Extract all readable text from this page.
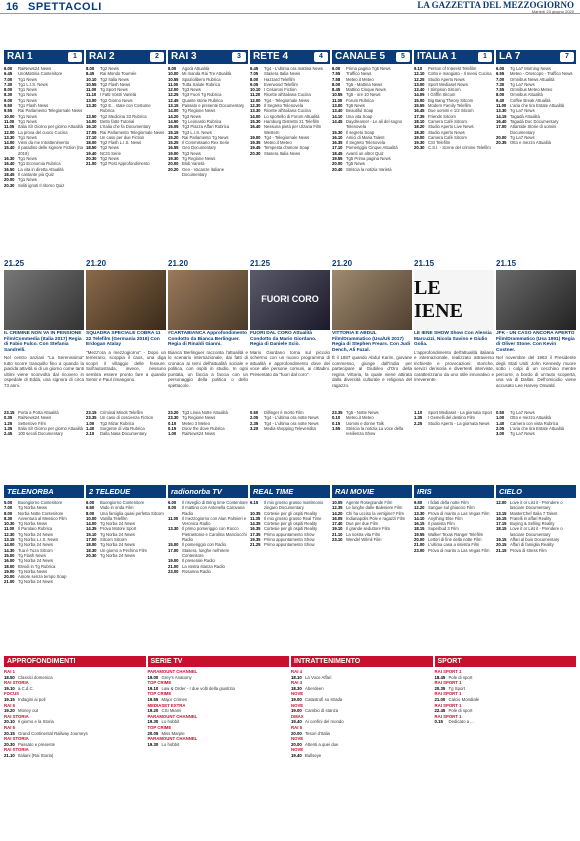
16 SPETTACOLI	LA GAZZETTA DEL MEZZOGIORNO
Martedì 23 giugno 2020
RAI 1	1	RAI 2	2	RAI 3	3	RETE 4	4	CANALE 5	5	ITALIA 1	1	LA 7	7
6.00	RaiNews24 News
6.45	UnoMattina Contenitore
7.00	Tg1 News
7.30	Tg1 L.I.S. News
8.00	Tg1 News
8.30	Tg1 News
9.00	Tg1 News
9.50	Tg1 Flash News
9.55	Rai Parlamento Telegiornale News
10.00 Tg1 News
11.00 Tg1 News
11.05 Italia Sì! Giorno per giorno Attualità
12.00 La prova del cuoco Cucina
13.30 Tg1 News
14.00 Vieni da me Intrattenimento
15.40 Il paradiso delle signore Fiction (Ita 2019)
16.30 Tg1 News
16.40 Tg1 Economia Rubrica
16.50 La vita in diretta Attualità
18.45 Il cantante più Quiz
20.00 Tg1 News
20.30 Soliti ignoti Il ritorno Quiz
8.00	Tg2 News
8.45	Rai Mondo Tournée
10.10 Tg2 Italia News
10.55 Tg2 Flash News
11.00 Tg Sport News
11.10 I Fatti Vostri Varietà
13.00 Tg2 Giorno News
13.30 Tg2 E... state con Costume Rubrica
13.50 Tg2 Medicina 33 Rubrica
14.00 Detto fatto Tutorial
16.10 L'Italia che fa Documentary
17.05 Rai Parlamento Telegiornale News
17.10 Un caso per due Fiction
18.00 Tg2 Flash L.I.S. News
18.50 Tg2 News
19.40 NCIS Serie
20.30 Tg2 News
21.00 Tg2 Post Approfondimento
8.00	Agorà Attualità
10.00 Mi manda Rai Tre Attualità
10.55 Spaziolibero Rubrica
11.00 Tutta Salute Rubrica
12.00 Tg3 News
12.25 Tg3 Fuori Tg Rubrica
12.45 Quante storie Rubrica
13.15 Passato e presente Documentary
14.00 Tg Regione News
14.20 Tg3 News
14.50 Tg Leonardo Rubrica
15.05 Tg3 Piazza Affari Rubrica
15.15 Tg3 L.I.S. News
15.20 Rai Parlamento Tg News
15.25 Il Commissario Rex Serie
16.55 Geo Documentary
19.00 Tg3 News
19.30 Tg Regione News
20.00 Blob Varietà
20.20 Geo - Vacanze italiane Documentary
6.45	Tg4 - L'ultima ora mattina News
7.05	Stasera Italia News
8.00	Hazzard Telefilm
9.05	Everwood Telefilm
10.10 I Cesaroni Fiction
11.20 Ricette all'italiana Cucina
12.00 Tg4 - Telegiornale News
12.30 Il Segreto Telenovela
13.30 Ricette all'italiana Cucina
14.00 Lo sportello di Forum Attualità
15.30 Hamburg Distretto 21 Telefilm
16.40 Nessuna pietà per Ulzana Film Western
19.00 Tg4 - Telegiornale News
19.35 Meteo.it Meteo
19.45 Tempesta d'amore Soap
20.30 Stasera Italia News
6.00	Prima pagina Tg5 News
7.55	Traffico News
7.58	Meteo.it Meteo
8.00	Tg5 - Mattina News
8.45	Mattino Cinque News
10.55 Tg5 - ore 10 News
11.00 Forum Rubrica
13.00 Tg5 News
13.40 Beautiful Soap
14.10 Una vita Soap
14.45 Daydreamer - Le ali del sogno Telenovela
15.30 Il segreto Soap
16.10 Amici di Maria Talent
16.35 Il Segreto Telenovela
17.10 Pomeriggio Cinque Attualità
18.45 Avanti un altro! Quiz
19.55 Tg5 Prima pagina News
20.00 Tg5 News
20.40 Striscia la notizia Varietà
9.10	Person of Interest Telefilm
12.10 Cotto e mangiato - Il menù Cucina
12.25 Studio Aperto News
13.00 Sport Mediaset News
13.40 I Simpson Sitcom
14.05 I Griffin Sitcom
15.00 Big Bang Theory Sitcom
15.55 Modern Family Telefilm
16.45 Due uomini e 1/2 Sitcom
17.35 Friends Sitcom
18.10 Camera Café Sitcom
18.20 Studio Aperto Live News
18.30 Studio Aperto News
19.00 Camera Café Sitcom
19.30 CSI Telefilm
20.30 C.S.I. - Scene del crimine Telefilm
6.00	Tg La7 Morning News
6.55	Meteo - Oroscopo - Traffico News
7.00	Omnibus News Attualità
7.30	Tg La7 News
7.55	Omnibus Meteo Meteo
8.00	Omnibus Attualità
9.40	Coffee Break Attualità
11.00 L'aria che tira Estate Attualità
13.30 Tg La7 News
14.15 Tagadà Attualità
16.40 Tagadà Doc Documentary
17.00 Atlantide Storie di uomini Documentary
20.00 Tg La7 News
20.35 Otto e mezzo Attualità
21.25	21.20	21.20	21.25	21.20	21.15	21.15
FUORI CORO	LE IENE
IL CRIMINE NON VA IN PENSIONE Film/Commedia (Italia 2017) Regia di Fabio Fulco. Con Stefania Sandrelli.
Nel centro anziani "La Serenissima" tutto scorre tranquillo fino a quando la piacida attività si di un giorno come tanti ultimi viene sconvolta dal ricovero in ospedale di Edda, una signora di circa 73 anni.
SQUADRA SPECIALE COBRA 11 22 Telefilm (Germania 2016) Con Erdogan Atalay
"Mezz'ora a mezzogiorno" - Dopo un temerario, scoppia il caos, una diga scopri il villaggio delle fessure. Sull'autostrada, invece, nessuno sembra essere pronto fare a quando Semir e Paul rimangono.
#CARTABIANCA Approfondimento Condotto da Bianca Berlinguer. Regia di Rinaldi Gianni.
Bianca Berlinguer racconta l'attualità e lo scenario internazionale, dai fatti di cronaca ai temi dell'attualità sociale e politica, con ospiti in studio. In ogni puntata, un faccia a faccia con un personaggio della politica o dello spettacolo.
FUORI DAL CORO Attualità Condotto da Mario Giordano. Regia di Daniele Sciò.
Mario Giordano torna sul piccolo schermo con un nuovo programma di attualità e approfondimento dove dei voce alle persone comuni, ai cittadini. Presentato da "fuori dal coro".
VITTORIA E ABDUL Film/Drammatico (Usa/Uk 2017) Regia di Stephen Frears. Con Judi Dench, Ali Fazal.
È il 1887 quando Abdul Karim, giovane commesso, giunge dall'India per partecipare al Giubileo d'Oro della regina Vittoria, la quale viene attirata dalla diversità culturale e religiosa del ragazzo.
LE IENE SHOW Show Con Alessia Marcuzzi, Nicola Savino e Giulio Golia.
L'approfondimento dell'attualità italiana e internazionale, realizzato attraverso inchieste e provocazioni: storiche, servizi derisoria e divertenti interviste, caratterizzano da uno stile innovativo e irreverente.
JFK - UN CASO ANCORA APERTO Film/Drammatico (Usa 1991) Regia di Oliver Stone. Con Kevin Costner.
Nel novembre del 1963 il Presidente degli Stati Uniti John Kennedy muore sotto i colpi di un cecchino mentre percorre, a bordo di un'auto scoperta, una via di Dallas. Dell'omicidio viene accusato Lee Harvey Oswald.
23.15 Porta a Porta Attualità
0.35	RaiNews24 News
1.25	Settenove Film
1.35	Italia Sì! Giorno per giorno Attualità
2.45	100 secoli Documentary
23.15 Criminal Minds Telefilm
23.35 Un caso di coscienza Fiction
1.00	Tg2 Mizar Rubrica
1.40	Sorgente di vita Rubrica
2.10	Dalla Nasa Documentary
23.20 Tg3 Linea Notte Attualità
23.30 Tg Regione News
0.10	Meteo 3 Meteo
0.15	Doov the dove Rubrica
1.00	RaiNews24 News
0.50	Dillinger è morto Film
2.05	Tg4 - L'ultima ora notte News
2.35	Tg4 - L'ultima ora notte News
3.20	Media shopping Televendita
23.35 Tg5 - Notte News
0.10	Meteo.it Meteo
0.15	Uomini e donne Talk
1.55	Striscia la notizia La voce della resilienza Show
1.10	Sport Mediaset - La giornata Sport
1.35	I Gemelli del destino Film
2.25	Studio Aperto - La giornata News
0.50	Tg La7 News
1.00	Otto e mezzo Attualità
1.40	Camera con vista Rubrica
2.05	L'aria che tira Estate Attualità
3.00	Tg La7 News
TELENORBA	2 TELEDUE	radionorba TV	REAL TIME	RAI MOVIE	IRIS	CIELO
5.00	Buongiorno Contenitore
7.00	Tg Norba News
8.00	Norba Notte Contenitore
8.30	Avventura al Messico Film
10.30 Tg Norba News
11.00 Il Parolaio Rubrica
12.30 Tg Norba 24 News
13.15 Tg Norba L.I.S. News
14.00 Tg Norba 24 News
14.30 Tua è Tuza Sitcom
15.00 Tg Flash News
16.00 Tg Norba 24 News
18.00 Brividi in Tg Rubrica
19.00 Tg Norba News
20.00 Amore senza tempo Soap
21.00 Tg Norba 24 News
6.00	Buongiorno Contenitore
6.50	Vado in onda Film
8.00	Una famiglia quasi perfetta Sitcom
10.00 Vanilla Telefilm
14.00 Tg Norba 24 News
14.35 Prova Motore Sport
15.10 Tg Norba 24 News
17.00 Sitcom Sitcom
18.00 Tg Norba 24 News
18.30 Un giorno a Pechino Film
20.30 Tg Norba 24 News
6.00	Il risveglio di Bring time Contenitore
8.00	Il mattino con Antonella Carovana Radio
11.00 Il mezzogiorno con Alan Palmieri e Veronica Radio
13.30 Il primo pomeriggio con Rocco Pietrantonio e Carolina Manciocchi Radio
15.00 Il pomeriggio con Radio
17.00 Stasera, lunghe nell'etere Contenitore
19.00 Il preserale Radio
21.00 La vostra stanza Radio
23.00 Rosanna Radio
6.15	Il mio grosso grasso matrimonio zingaro Documentary
10.35 Cortesie per gli ospiti Reality
11.35 Il mio grosso grasso Real Time
14.35 Cortesie per gli ospiti Reality
16.35 Cortesie per gli ospiti Reality
17.35 Primo appuntamento Show
19.35 Primo appuntamento Show
21.25 Primo appuntamento Show
10.05 Agente Rosegrande Film
12.35 Le lunghe dalle Baleniere Film
14.20 Chi ha ucciso la vertigine? Film
16.05 Indianapolis Pole e ragazzi Film
17.40 Due per due Film
19.10 Il grande seduttore Film
21.10 La nostra vita Film
23.10 Wendel Wilmil Film
9.50	I fidati della notte Film
12.20 Sangue sul ghiaccio Film
13.30 Prova di marito a Las Vegas Film
14.10 Anything Else Film
16.15 Il pianista Film
18.15 Superbud 3 Film
19.55 Walker Texas Ranger Telefilm
20.00 Lettori di fine della notte Film
21.00 L'ultima casa a sinistra Film
23.00 Prova di marito a Las Vegas Film
12.00 Love it or List it - Prendere o lasciare Documentary
13.15 MasterChef Italia 7 Talent
16.15 Fratelli in affari Reality
17.15 Buying & Selling Reality
18.15 Love it or List it - Prendere o lasciare Documentary
19.15 Affari al buio Documentary
20.15 Affari di famiglia Reality
21.15 Prova di stress Film
APPROFONDIMENTI	SERIE TV	INTRATTENIMENTO	SPORT
RAI 1
18.50 Classici domenica
RAI STORIA
19.10 a.C.d.C.
FOCUS
19.15 Indagini ai poli
RAI 5
19.20 Money out
RAI STORIA
20.10 Il giorno e la Storia
RAI 5
20.15 Grand Continental Railway Journeys
RAI STORIA
20.30 Passato e presente
RAI STORIA
21.10 Italiani (Rai Storia)
PARAMOUNT CHANNEL
19.00 Grey's Anatomy
TOP CRIME
19.10 Law & Order - I due volti della giustizia
TOP CRIME
19.55 Major Crimes
MEDIASET EXTRA
19.20 CSI Miami
PARAMOUNT CHANNEL
19.30 Lo hobbit
TOP CRIME
20.05 Miss Marple
PARAMOUNT CHANNEL
19.30 Lo hobbit
RAI 4
18.10 La Voce Affari
RAI 4
18.30 Aberdeen
NOVE
19.00 Catastrofi su strada
NOVE
19.00 Cambio di stanza
DMAX
19.40 Ai confini del mondo
RAI 5
20.00 Tesori d'Italia
NOVE
20.00 Attenti a quei due
NOVE
19.40 Bullseye
RAI SPORT 1
18.45 Pole di sport
RAI SPORT 1
20.35 Tg Sport
RAI SPORT 1
21.00 Calcio Mondiale
RAI SPORT 1
22.45 Pole di sport
RAI SPORT 1
0.15	Dedicato a ...
